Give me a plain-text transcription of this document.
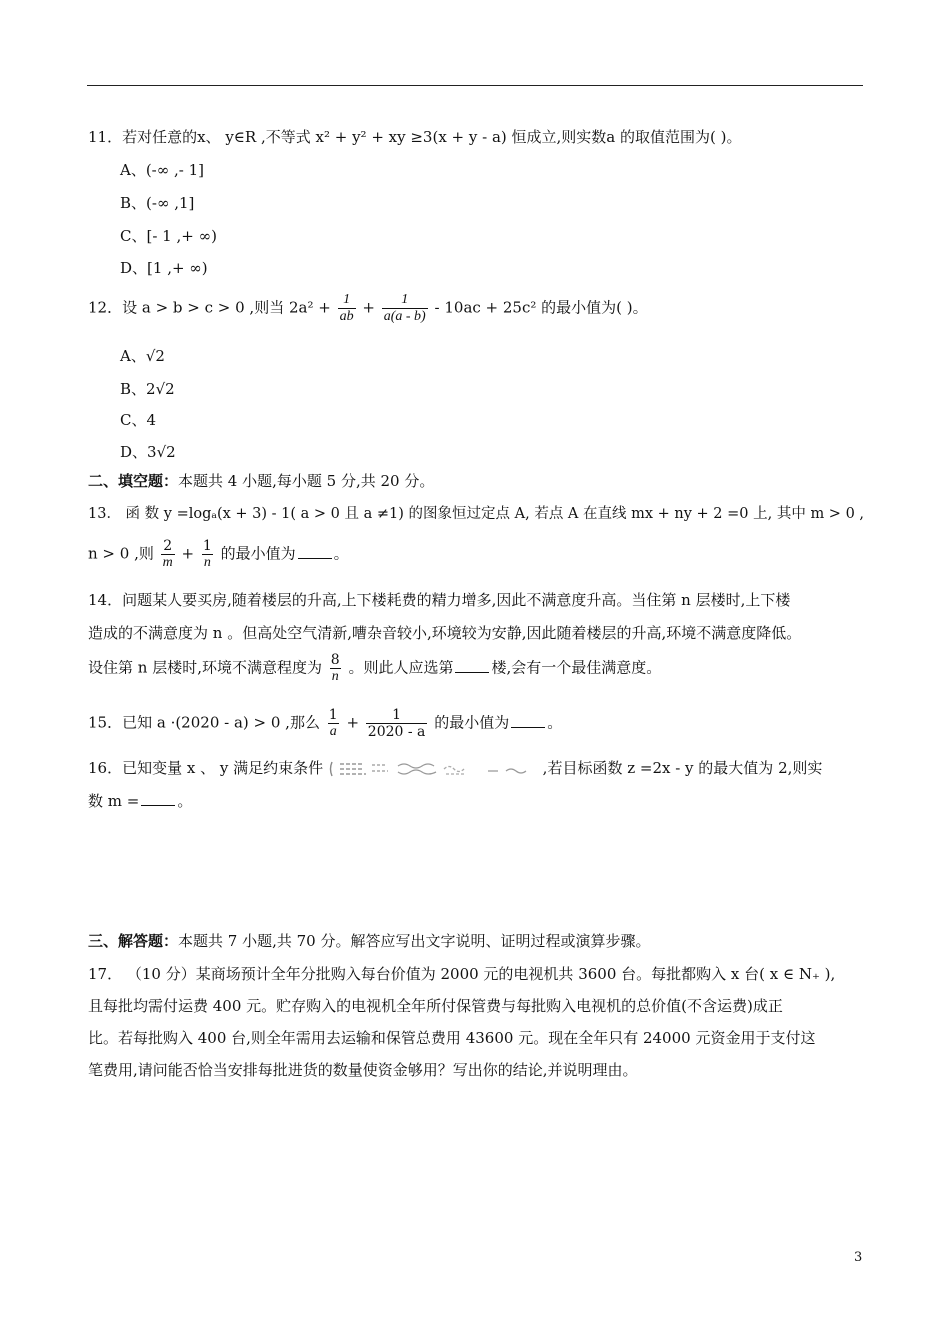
11．若对任意的x、 y∈R ,不等式 x² + y² + xy ≥3(x + y - a) 恒成立,则实数a 的取值范围为( )。
A、(-∞ ,- 1]
B、(-∞ ,1]
C、[- 1 ,+ ∞)
D、[1 ,+ ∞)
12．设 a > b > c > 0 ,则当 $2a^2 + \frac{1}{ab} + \frac{1}{a(a - b)} - 10ac + 25c^2$ 的最小值为( )。
A、√2
B、2√2
C、4
D、3√2
二、填空题：本题共 4 小题,每小题 5 分,共 20 分。
13． 函 数 y =logₐ(x + 3) - 1( a > 0 且 a ≠1) 的图象恒过定点 A, 若点 A 在直线 mx + ny + 2 =0 上, 其中 m > 0 ,
n > 0 ,则 $\frac{2}{m} + \frac{1}{n}$ 的最小值为	。
14．问题某人要买房,随着楼层的升高,上下楼耗费的精力增多,因此不满意度升高。当住第 n 层楼时,上下楼
造成的不满意度为 n 。但高处空气清新,嘈杂音较小,环境较为安静,因此随着楼层的升高,环境不满意度降低。
设住第 n 层楼时,环境不满意程度为 $\frac{8}{n}$ 。则此人应选第	楼,会有一个最佳满意度。
15．已知 a ·(2020 - a) > 0 ,那么 $\frac{1}{a} + \frac{1}{2020 - a}$ 的最小值为	。
16．已知变量 x 、 y 满足约束条件	,若目标函数 z =2x - y 的最大值为 2,则实
数 m =	。
三、解答题：本题共 7 小题,共 70 分。解答应写出文字说明、证明过程或演算步骤。
17． （10 分）某商场预计全年分批购入每台价值为 2000 元的电视机共 3600 台。每批都购入 x 台( x ∈ N₊ ),
且每批均需付运费 400 元。贮存购入的电视机全年所付保管费与每批购入电视机的总价值(不含运费)成正
比。若每批购入 400 台,则全年需用去运输和保管总费用 43600 元。现在全年只有 24000 元资金用于支付这
笔费用,请问能否恰当安排每批进货的数量使资金够用？写出你的结论,并说明理由。
3
